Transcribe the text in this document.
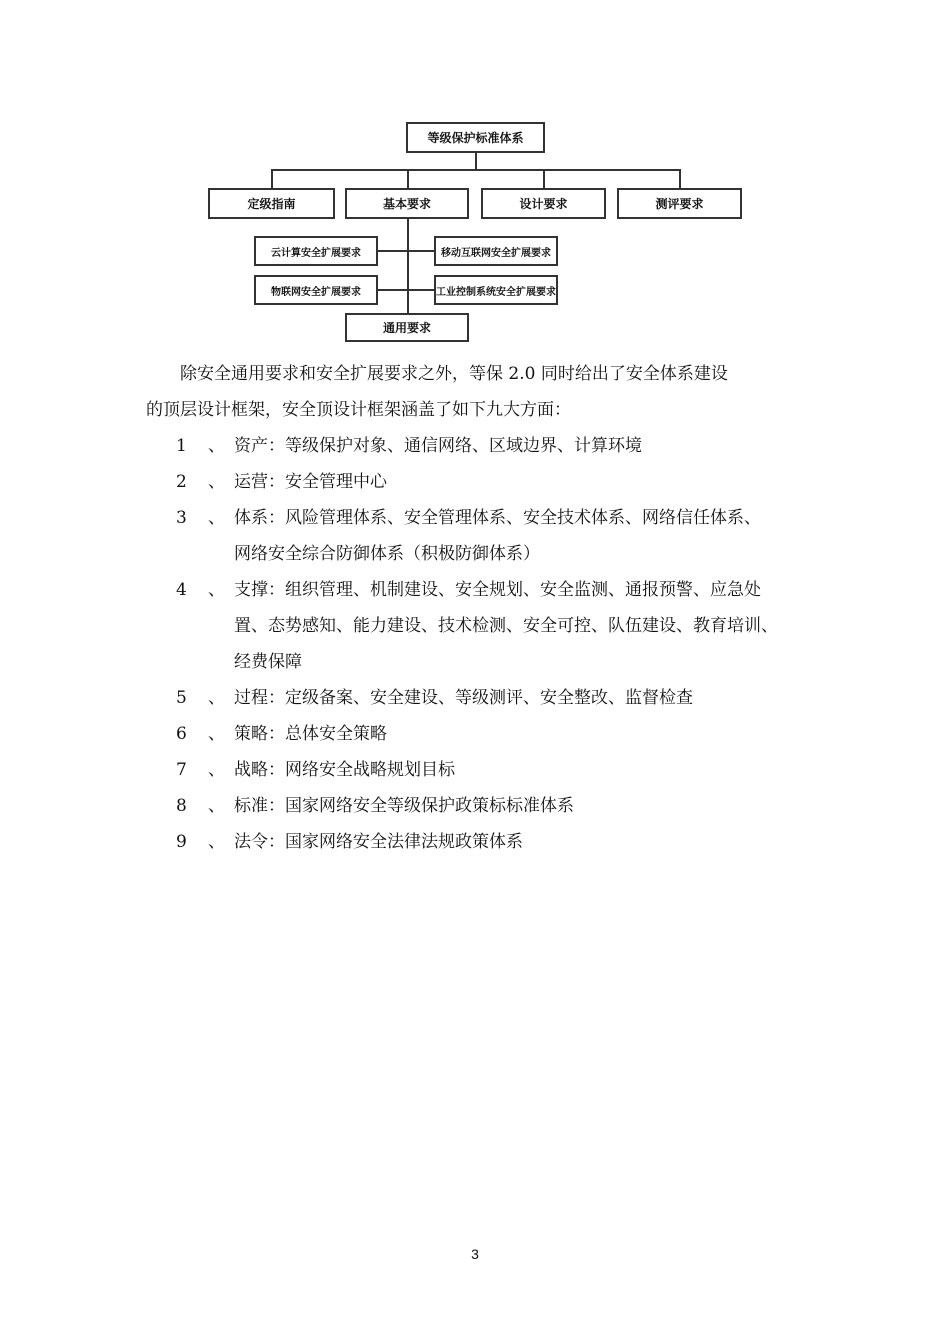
等级保护标准体系
定级指南	基本要求	设计要求	测评要求
云计算安全扩展要求
物联网安全扩展要求
移动互联网安全扩展要求
工业控制系统安全扩展要求
通用要求
除安全通用要求和安全扩展要求之外，等保 2.0 同时给出了安全体系建设
的顶层设计框架，安全顶设计框架涵盖了如下九大方面：
1	、 资产：等级保护对象、通信网络、区域边界、计算环境
2	、 运营：安全管理中心
3	、 体系：风险管理体系、安全管理体系、安全技术体系、网络信任体系、
网络安全综合防御体系（积极防御体系）
4	、 支撑：组织管理、机制建设、安全规划、安全监测、通报预警、应急处
置、态势感知、能力建设、技术检测、安全可控、队伍建设、教育培训、
经费保障
5	、 过程：定级备案、安全建设、等级测评、安全整改、监督检查
6	、 策略：总体安全策略
7	、 战略：网络安全战略规划目标
8	、 标准：国家网络安全等级保护政策标标准体系
9	、 法令：国家网络安全法律法规政策体系
3
